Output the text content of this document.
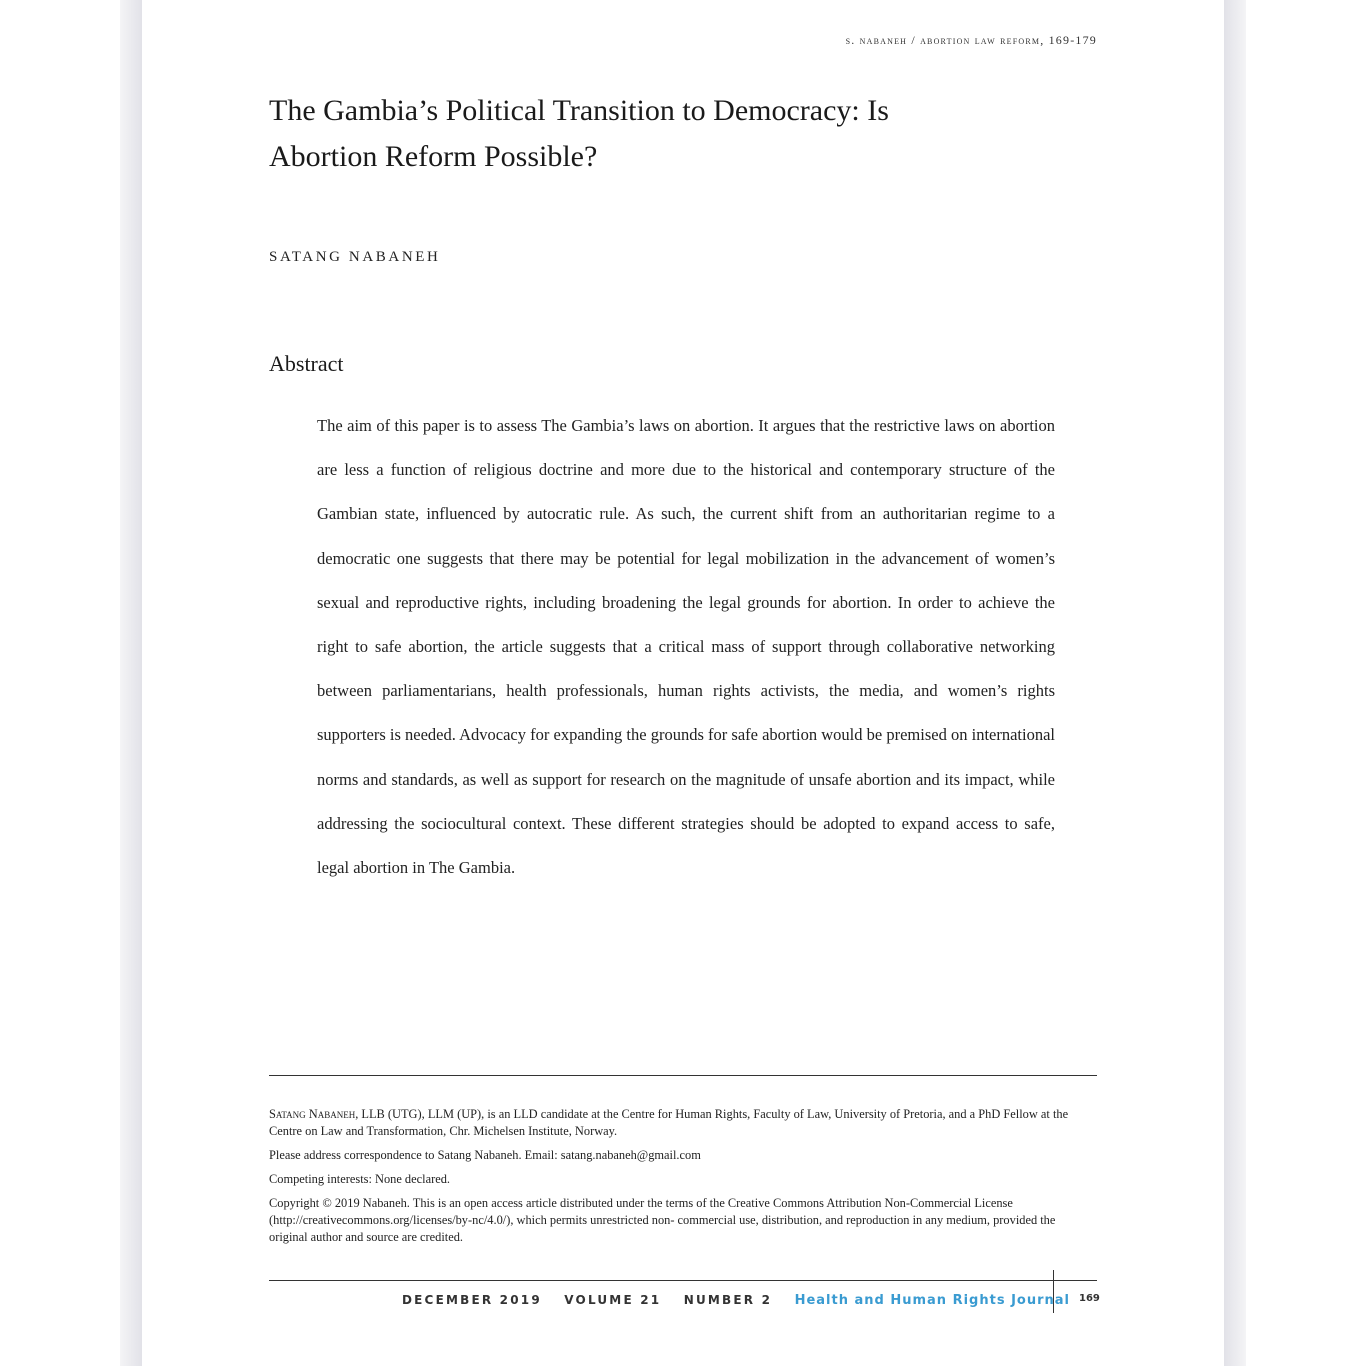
s. nabaneh / abortion law reform, 169-179
The Gambia’s Political Transition to Democracy: Is Abortion Reform Possible?
SATANG NABANEH
Abstract

The aim of this paper is to assess The Gambia’s laws on abortion. It argues that the restrictive laws on abortion are less a function of religious doctrine and more due to the historical and contemporary structure of the Gambian state, influenced by autocratic rule. As such, the current shift from an authoritarian regime to a democratic one suggests that there may be potential for legal mobilization in the advancement of women’s sexual and reproductive rights, including broadening the legal grounds for abortion. In order to achieve the right to safe abortion, the article suggests that a critical mass of support through collaborative networking between parliamentarians, health professionals, human rights activists, the media, and women’s rights supporters is needed. Advocacy for expanding the grounds for safe abortion would be premised on international norms and standards, as well as support for research on the magnitude of unsafe abortion and its impact, while addressing the sociocultural context. These different strategies should be adopted to expand access to safe, legal abortion in The Gambia.

Satang Nabaneh, LLB (UTG), LLM (UP), is an LLD candidate at the Centre for Human Rights, Faculty of Law, University of Pretoria, and a PhD Fellow at the Centre on Law and Transformation, Chr. Michelsen Institute, Norway.

Please address correspondence to Satang Nabaneh. Email: satang.nabaneh@gmail.com

Competing interests: None declared.

Copyright © 2019 Nabaneh. This is an open access article distributed under the terms of the Creative Commons Attribution Non-Commercial License (http://creativecommons.org/licenses/by-nc/4.0/), which permits unrestricted non- commercial use, distribution, and reproduction in any medium, provided the original author and source are credited.

DECEMBER 2019 VOLUME 21 NUMBER 2 Health and Human Rights Journal 169
